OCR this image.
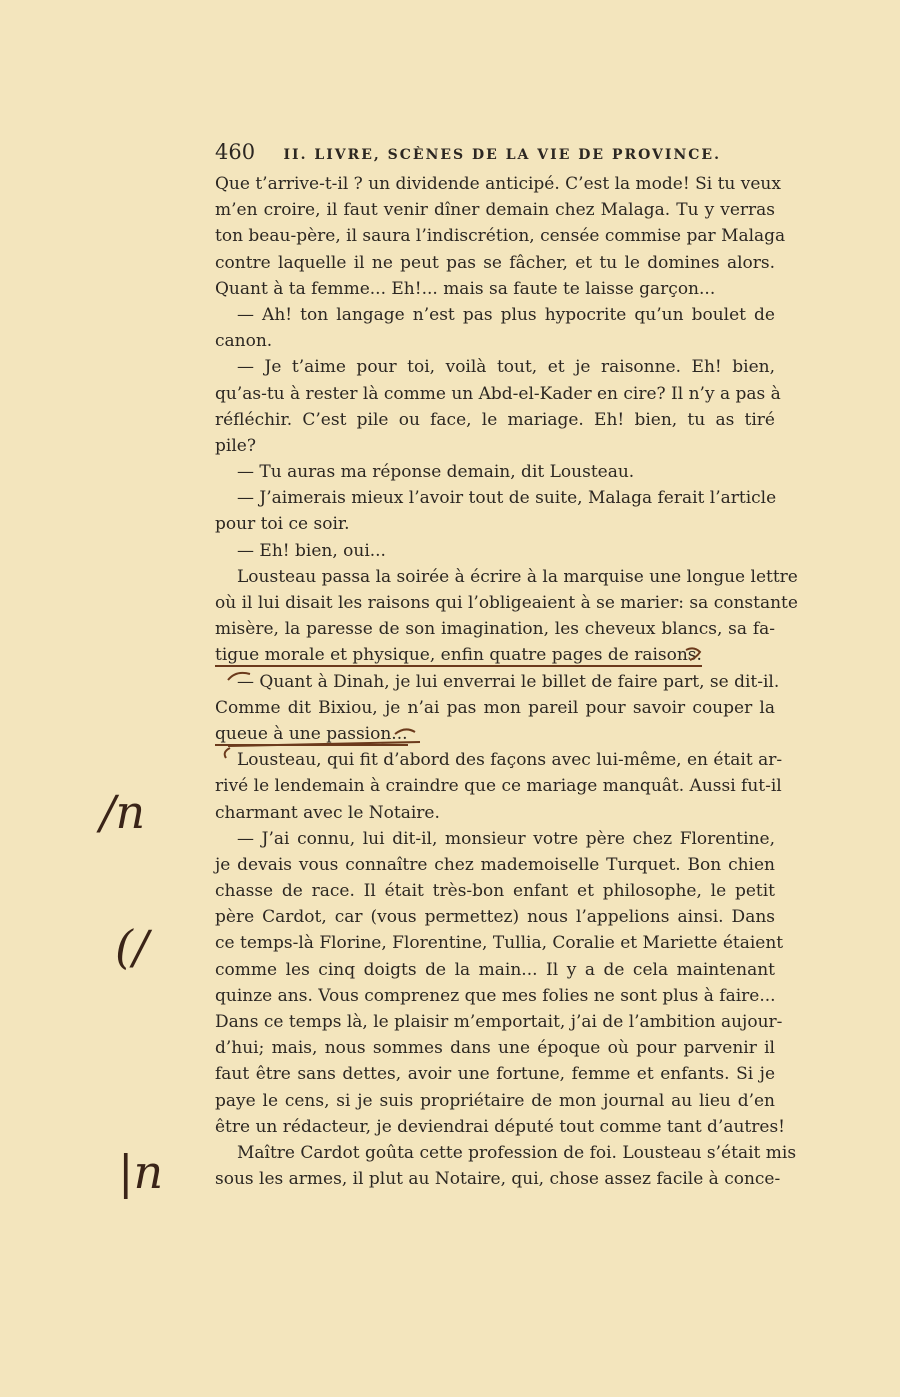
460 II. LIVRE, SCÈNES DE LA VIE DE PROVINCE.
Que t’arrive-t-il ? un dividende anticipé. C’est la mode! Si tu veux
m’en croire, il faut venir dîner demain chez Malaga. Tu y verras
ton beau-père, il saura l’indiscrétion, censée commise par Malaga
contre laquelle il ne peut pas se fâcher, et tu le domines alors.
Quant à ta femme... Eh!... mais sa faute te laisse garçon...
— Ah! ton langage n’est pas plus hypocrite qu’un boulet de
canon.
— Je t’aime pour toi, voilà tout, et je raisonne. Eh! bien,
qu’as-tu à rester là comme un Abd-el-Kader en cire? Il n’y a pas à
réfléchir. C’est pile ou face, le mariage. Eh! bien, tu as tiré
pile?
— Tu auras ma réponse demain, dit Lousteau.
— J’aimerais mieux l’avoir tout de suite, Malaga ferait l’article
pour toi ce soir.
— Eh! bien, oui...
Lousteau passa la soirée à écrire à la marquise une longue lettre
où il lui disait les raisons qui l’obligeaient à se marier: sa constante
misère, la paresse de son imagination, les cheveux blancs, sa fa-
tigue morale et physique, enfin quatre pages de raisons.
— Quant à Dinah, je lui enverrai le billet de faire part, se dit-il.
Comme dit Bixiou, je n’ai pas mon pareil pour savoir couper la
queue à une passion...
Lousteau, qui fit d’abord des façons avec lui-même, en était ar-
rivé le lendemain à craindre que ce mariage manquât. Aussi fut-il
charmant avec le Notaire.
— J’ai connu, lui dit-il, monsieur votre père chez Florentine,
je devais vous connaître chez mademoiselle Turquet. Bon chien
chasse de race. Il était très-bon enfant et philosophe, le petit
père Cardot, car (vous permettez) nous l’appelions ainsi. Dans
ce temps-là Florine, Florentine, Tullia, Coralie et Mariette étaient
comme les cinq doigts de la main... Il y a de cela maintenant
quinze ans. Vous comprenez que mes folies ne sont plus à faire...
Dans ce temps là, le plaisir m’emportait, j’ai de l’ambition aujour-
d’hui; mais, nous sommes dans une époque où pour parvenir il
faut être sans dettes, avoir une fortune, femme et enfants. Si je
paye le cens, si je suis propriétaire de mon journal au lieu d’en
être un rédacteur, je deviendrai député tout comme tant d’autres!
Maître Cardot goûta cette profession de foi. Lousteau s’était mis
sous les armes, il plut au Notaire, qui, chose assez facile à conce-
/n
(/
|n
